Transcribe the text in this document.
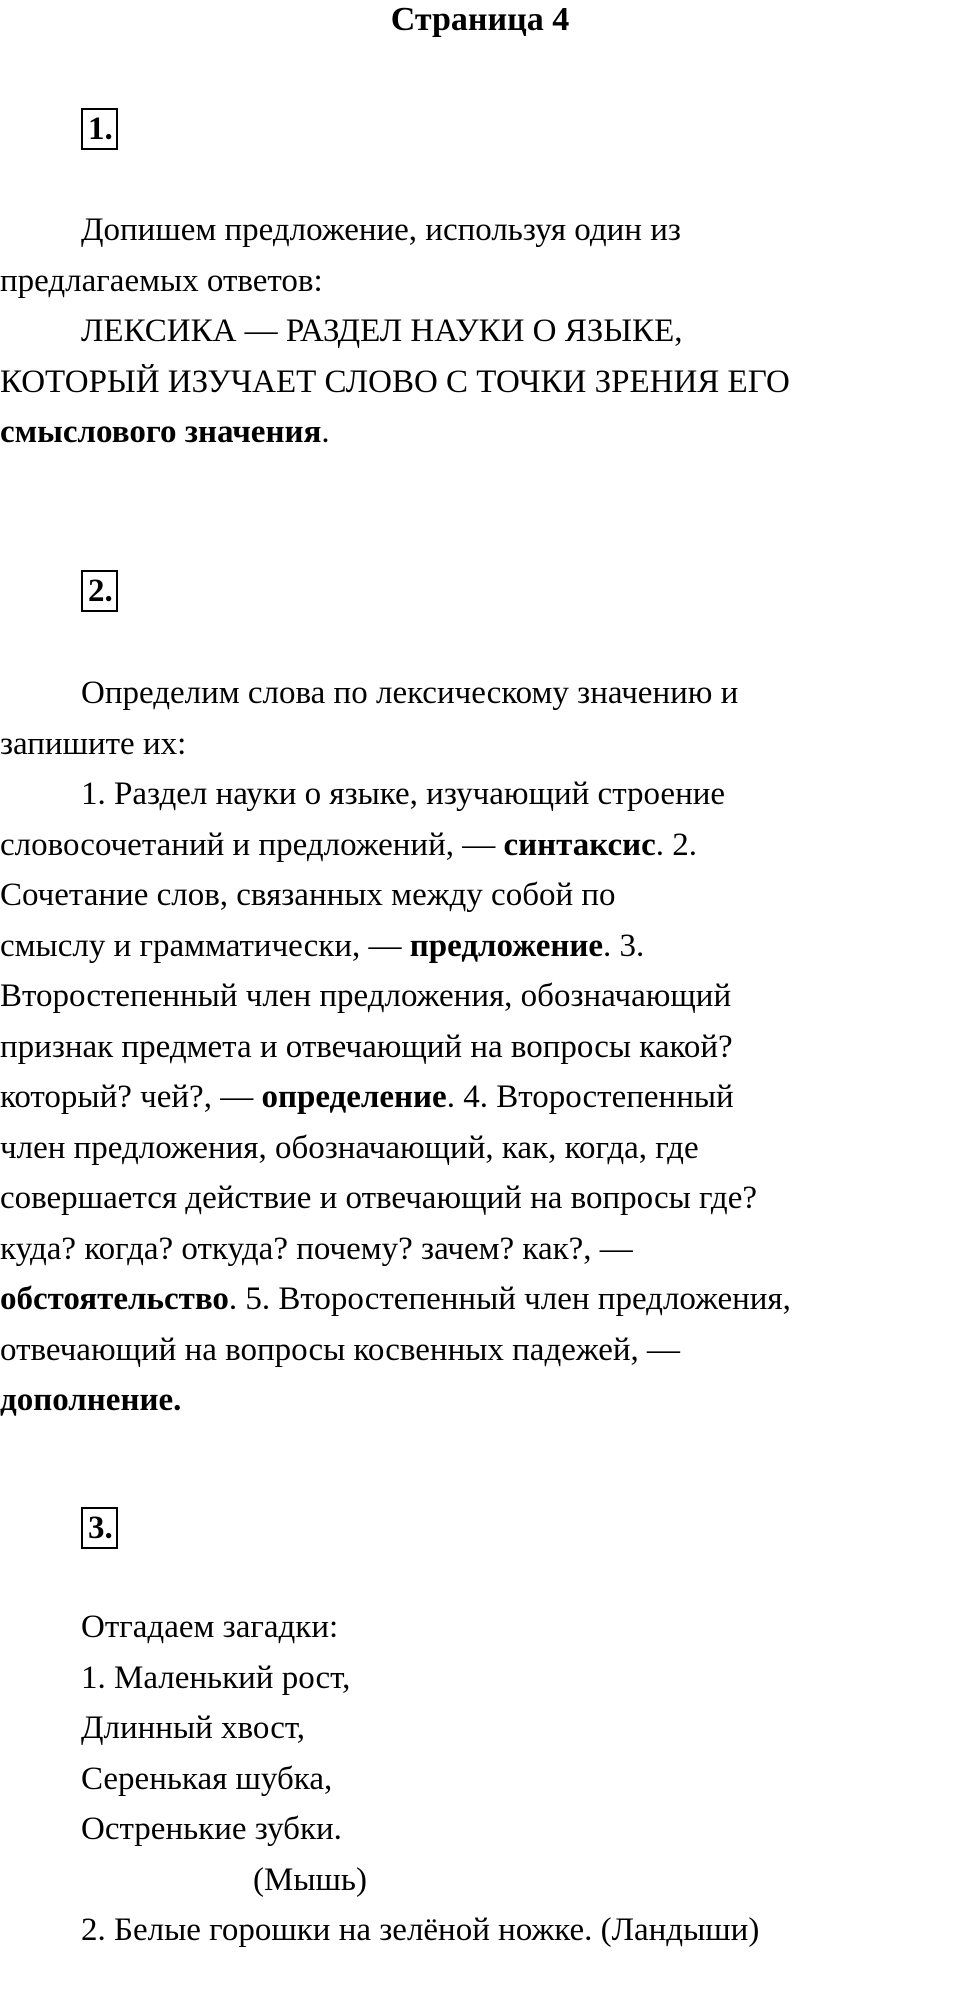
Страница 4
1.
Допишем предложение, используя один из
предлагаемых ответов:
ЛЕКСИКА — РАЗДЕЛ НАУКИ О ЯЗЫКЕ,
КОТОРЫЙ ИЗУЧАЕТ СЛОВО С ТОЧКИ ЗРЕНИЯ ЕГО
смыслового значения.
2.
Определим слова по лексическому значению и
запишите их:
1. Раздел науки о языке, изучающий строение
словосочетаний и предложений, — синтаксис. 2.
Сочетание слов, связанных между собой по
смыслу и грамматически, — предложение. 3.
Второстепенный член предложения, обозначающий
признак предмета и отвечающий на вопросы какой?
который? чей?, — определение. 4. Второстепенный
член предложения, обозначающий, как, когда, где
совершается действие и отвечающий на вопросы где?
куда? когда? откуда? почему? зачем? как?, —
обстоятельство. 5. Второстепенный член предложения,
отвечающий на вопросы косвенных падежей, —
дополнение.
3.
Отгадаем загадки:
1. Маленький рост,
Длинный хвост,
Серенькая шубка,
Остренькие зубки.
(Мышь)
2. Белые горошки на зелёной ножке. (Ландыши)
